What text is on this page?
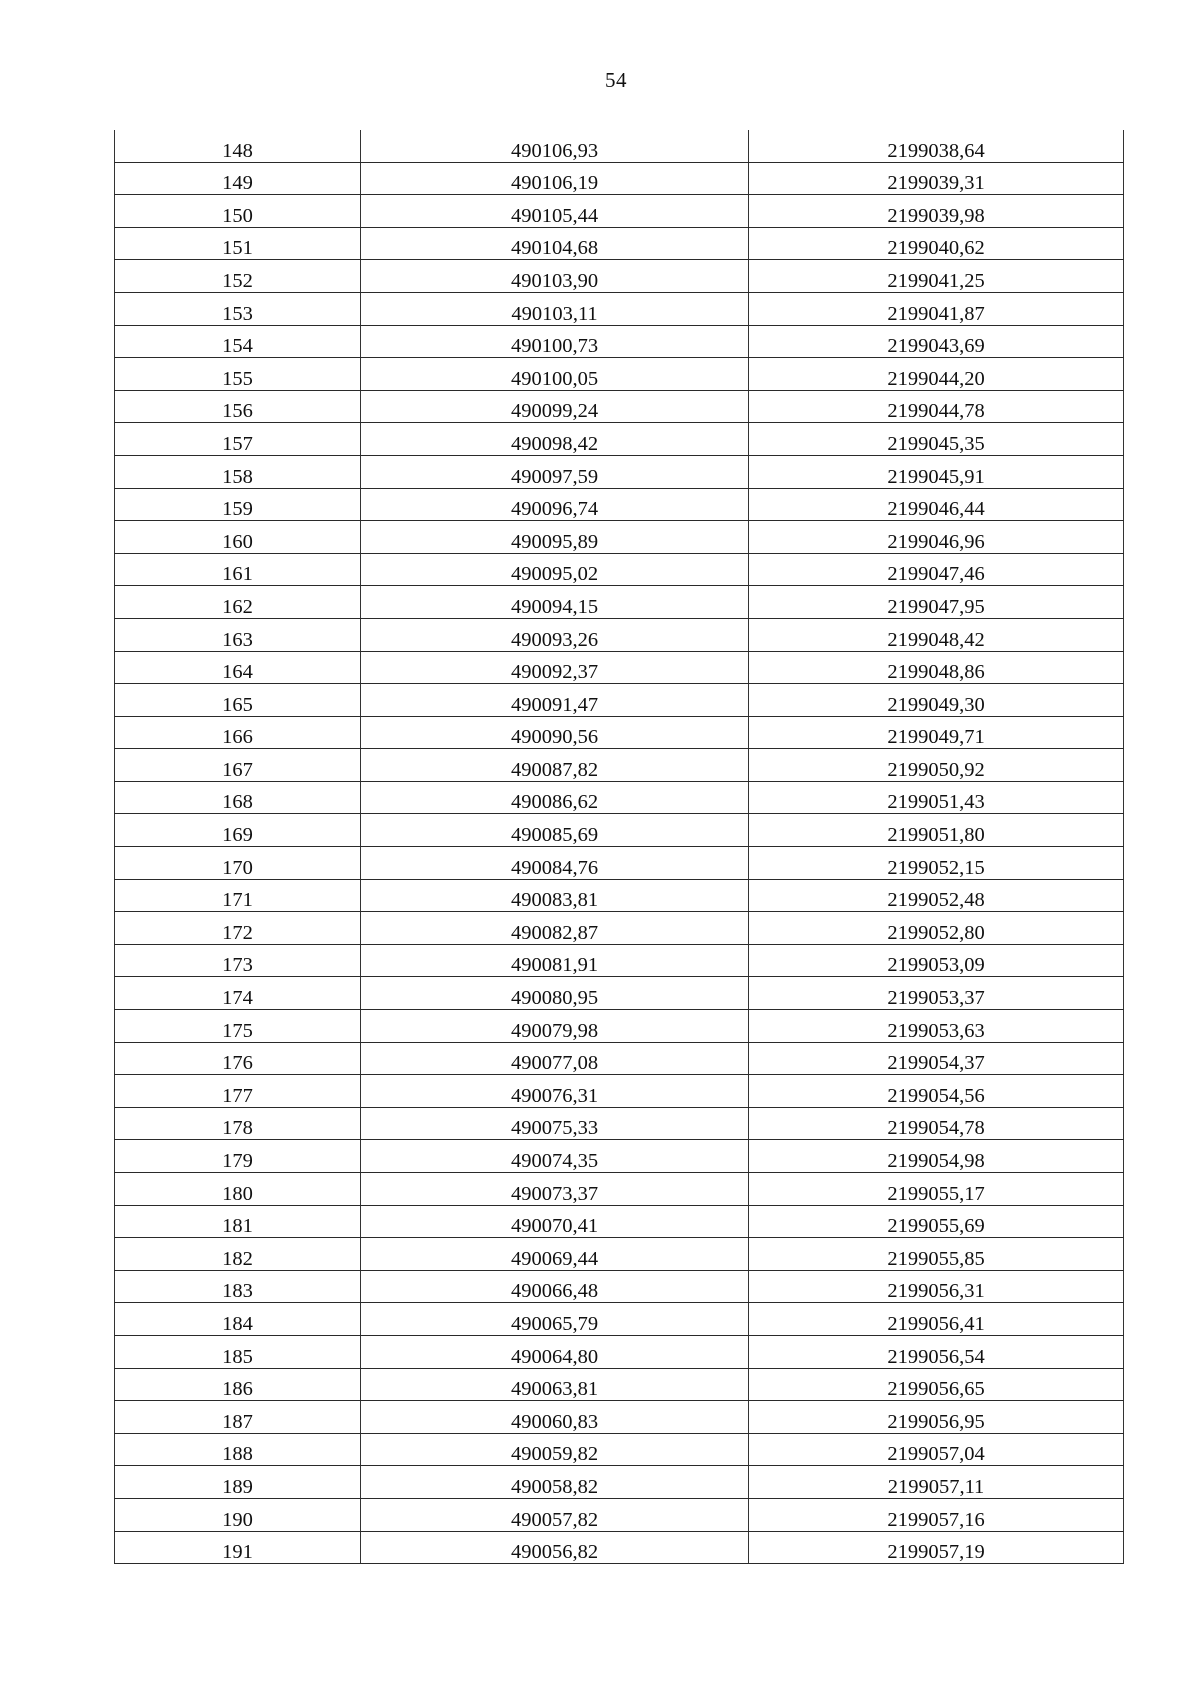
54
148	490106,93	2199038,64
149	490106,19	2199039,31
150	490105,44	2199039,98
151	490104,68	2199040,62
152	490103,90	2199041,25
153	490103,11	2199041,87
154	490100,73	2199043,69
155	490100,05	2199044,20
156	490099,24	2199044,78
157	490098,42	2199045,35
158	490097,59	2199045,91
159	490096,74	2199046,44
160	490095,89	2199046,96
161	490095,02	2199047,46
162	490094,15	2199047,95
163	490093,26	2199048,42
164	490092,37	2199048,86
165	490091,47	2199049,30
166	490090,56	2199049,71
167	490087,82	2199050,92
168	490086,62	2199051,43
169	490085,69	2199051,80
170	490084,76	2199052,15
171	490083,81	2199052,48
172	490082,87	2199052,80
173	490081,91	2199053,09
174	490080,95	2199053,37
175	490079,98	2199053,63
176	490077,08	2199054,37
177	490076,31	2199054,56
178	490075,33	2199054,78
179	490074,35	2199054,98
180	490073,37	2199055,17
181	490070,41	2199055,69
182	490069,44	2199055,85
183	490066,48	2199056,31
184	490065,79	2199056,41
185	490064,80	2199056,54
186	490063,81	2199056,65
187	490060,83	2199056,95
188	490059,82	2199057,04
189	490058,82	2199057,11
190	490057,82	2199057,16
191	490056,82	2199057,19
